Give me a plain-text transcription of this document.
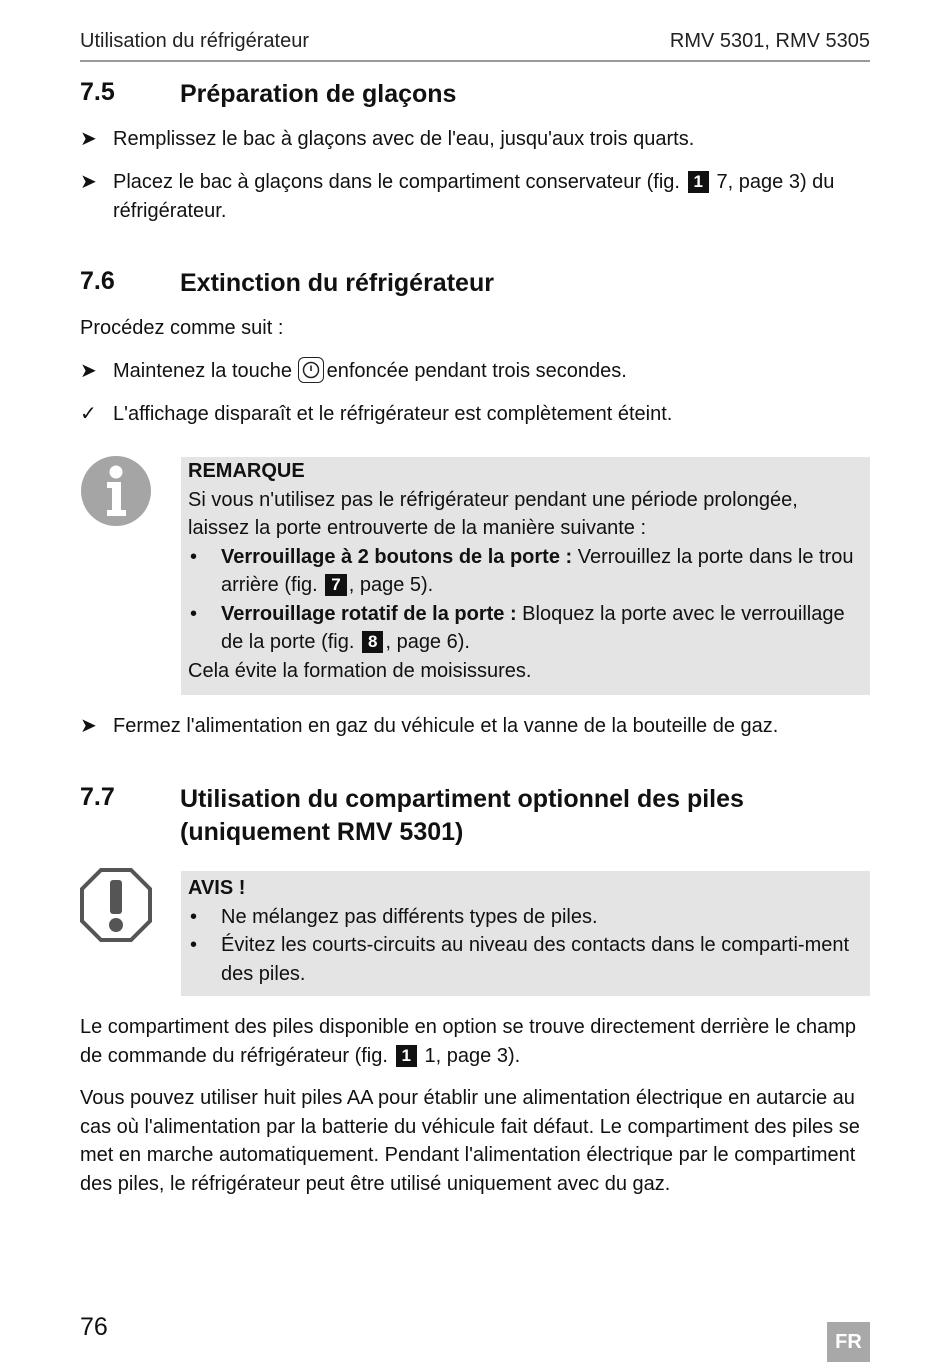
Utilisation du réfrigérateur	RMV 5301, RMV 5305
7.5	Préparation de glaçons
➤ Remplissez le bac à glaçons avec de l'eau, jusqu'aux trois quarts.
➤ Placez le bac à glaçons dans le compartiment conservateur (fig. 1 7, page 3) du réfrigérateur.
7.6	Extinction du réfrigérateur
Procédez comme suit :
➤ Maintenez la touche enfoncée pendant trois secondes.
✓ L'affichage disparaît et le réfrigérateur est complètement éteint.
REMARQUE
Si vous n'utilisez pas le réfrigérateur pendant une période prolongée, laissez la porte entrouverte de la manière suivante :
• Verrouillage à 2 boutons de la porte : Verrouillez la porte dans le trou arrière (fig. 7 , page 5).
• Verrouillage rotatif de la porte : Bloquez la porte avec le verrouillage de la porte (fig. 8 , page 6).
Cela évite la formation de moisissures.
➤ Fermez l'alimentation en gaz du véhicule et la vanne de la bouteille de gaz.
7.7	Utilisation du compartiment optionnel des piles (uniquement RMV 5301)
AVIS !
• Ne mélangez pas différents types de piles.
• Évitez les courts-circuits au niveau des contacts dans le comparti-ment des piles.
Le compartiment des piles disponible en option se trouve directement derrière le champ de commande du réfrigérateur (fig. 1 1, page 3).
Vous pouvez utiliser huit piles AA pour établir une alimentation électrique en autarcie au cas où l'alimentation par la batterie du véhicule fait défaut. Le compartiment des piles se met en marche automatiquement. Pendant l'alimentation électrique par le compartiment des piles, le réfrigérateur peut être utilisé uniquement avec du gaz.
76
FR
